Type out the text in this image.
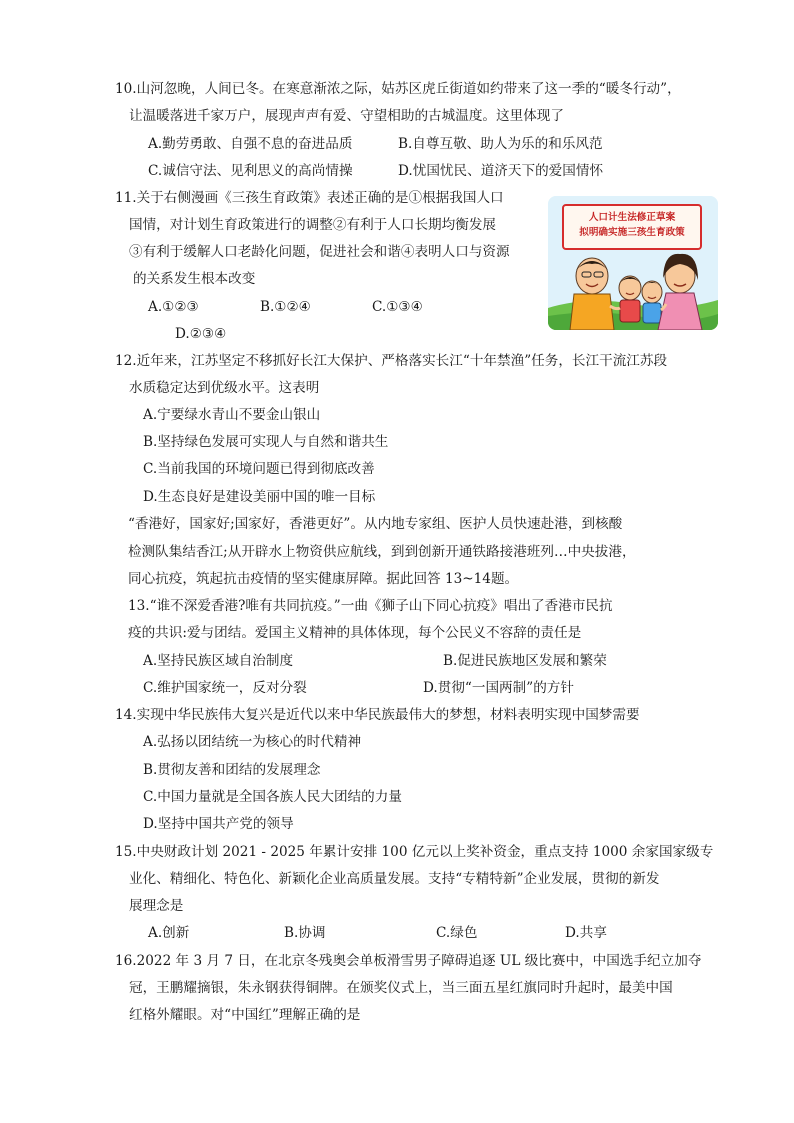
10.山河忽晚，人间已冬。在寒意渐浓之际，姑苏区虎丘街道如约带来了这一季的“暖冬行动”，
让温暖落进千家万户，展现声声有爱、守望相助的古城温度。这里体现了
A.勤劳勇敢、自强不息的奋进品质	B.自尊互敬、助人为乐的和乐风范
C.诚信守法、见利思义的高尚情操	D.忧国忧民、道济天下的爱国情怀
11.关于右侧漫画《三孩生育政策》表述正确的是①根据我国人口
国情，对计划生育政策进行的调整②有利于人口长期均衡发展
③有利于缓解人口老龄化问题，促进社会和谐④表明人口与资源
的关系发生根本改变
A.①②③	B.①②④	C.①③④
D.②③④
人口计生法修正草案
拟明确实施三孩生育政策
12.近年来，江苏坚定不移抓好长江大保护、严格落实长江“十年禁渔”任务，长江干流江苏段
水质稳定达到优级水平。这表明
A.宁要绿水青山不要金山银山
B.坚持绿色发展可实现人与自然和谐共生
C.当前我国的环境问题已得到彻底改善
D.生态良好是建设美丽中国的唯一目标
“香港好，国家好;国家好，香港更好”。从内地专家组、医护人员快速赴港，到核酸
检测队集结香江;从开辟水上物资供应航线，到到创新开通铁路接港班列…中央拔港，
同心抗疫，筑起抗击疫情的坚实健康屏障。据此回答 13~14题。
13.“谁不深爱香港?唯有共同抗疫。”一曲《狮子山下同心抗疫》唱出了香港市民抗
疫的共识:爱与团结。爱国主义精神的具体体现，每个公民义不容辞的责任是
A.坚持民族区域自治制度	B.促进民族地区发展和繁荣
C.维护国家统一，反对分裂	D.贯彻“一国两制”的方针
14.实现中华民族伟大复兴是近代以来中华民族最伟大的梦想，材料表明实现中国梦需要
A.弘扬以团结统一为核心的时代精神
B.贯彻友善和团结的发展理念
C.中国力量就是全国各族人民大团结的力量
D.坚持中国共产党的领导
15.中央财政计划 2021 - 2025 年累计安排 100 亿元以上奖补资金，重点支持 1000 余家国家级专
业化、精细化、特色化、新颖化企业高质量发展。支持“专精特新”企业发展，贯彻的新发
展理念是
A.创新	B.协调	C.绿色	D.共享
16.2022 年 3 月 7 日，在北京冬残奥会单板滑雪男子障碍追逐 UL 级比赛中，中国选手纪立加夺
冠，王鹏耀摘银，朱永钢获得铜牌。在颁奖仪式上，当三面五星红旗同时升起时，最美中国
红格外耀眼。对“中国红”理解正确的是
